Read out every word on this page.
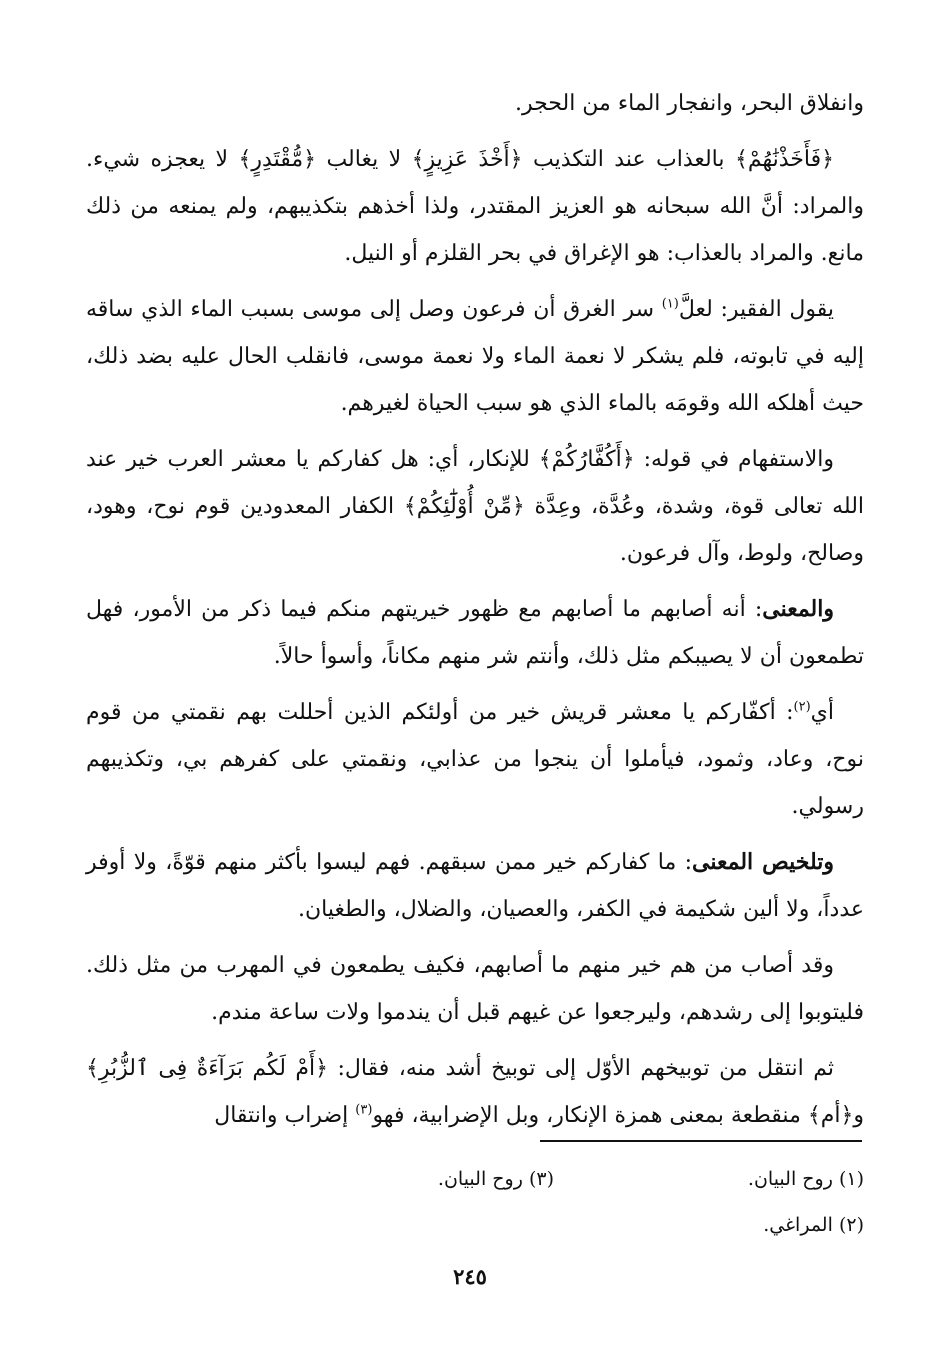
وانفلاق البحر، وانفجار الماء من الحجر.

﴿فَأَخَذْنَٰهُمْ﴾ بالعذاب عند التكذيب ﴿أَخْذَ عَزِيزٍ﴾ لا يغالب ﴿مُّقْتَدِرٍ﴾ لا يعجزه شيء. والمراد: أنَّ الله سبحانه هو العزيز المقتدر، ولذا أخذهم بتكذيبهم، ولم يمنعه من ذلك مانع. والمراد بالعذاب: هو الإغراق في بحر القلزم أو النيل.

يقول الفقير: لعلَّ$^{(١)}$ سر الغرق أن فرعون وصل إلى موسى بسبب الماء الذي ساقه إليه في تابوته، فلم يشكر لا نعمة الماء ولا نعمة موسى، فانقلب الحال عليه بضد ذلك، حيث أهلكه الله وقومَه بالماء الذي هو سبب الحياة لغيرهم.

والاستفهام في قوله: ﴿أَكُفَّارُكُمْ﴾ للإنكار، أي: هل كفاركم يا معشر العرب خير عند الله تعالى قوة، وشدة، وعُدَّة، وعِدَّة ﴿مِّنْ أُوْلَٰٓئِكُمْ﴾ الكفار المعدودين قوم نوح، وهود، وصالح، ولوط، وآل فرعون.

والمعنى: أنه أصابهم ما أصابهم مع ظهور خيريتهم منكم فيما ذكر من الأمور، فهل تطمعون أن لا يصيبكم مثل ذلك، وأنتم شر منهم مكاناً، وأسوأ حالاً.

أي$^{(٢)}$: أكفّاركم يا معشر قريش خير من أولئكم الذين أحللت بهم نقمتي من قوم نوح، وعاد، وثمود، فيأملوا أن ينجوا من عذابي، ونقمتي على كفرهم بي، وتكذيبهم رسولي.

وتلخيص المعنى: ما كفاركم خير ممن سبقهم. فهم ليسوا بأكثر منهم قوّةً، ولا أوفر عدداً، ولا ألين شكيمة في الكفر، والعصيان، والضلال، والطغيان.

وقد أصاب من هم خير منهم ما أصابهم، فكيف يطمعون في المهرب من مثل ذلك. فليتوبوا إلى رشدهم، وليرجعوا عن غيهم قبل أن يندموا ولات ساعة مندم.

ثم انتقل من توبيخهم الأوّل إلى توبيخ أشد منه، فقال: ﴿أَمْ لَكُم بَرَآءَةٌ فِى ٱلزُّبُرِ﴾ و﴿أم﴾ منقطعة بمعنى همزة الإنكار، وبل الإضرابية، فهو$^{(٣)}$ إضراب وانتقال

(١) روح البيان.
(٣) روح البيان.
(٢) المراغي.
٢٤٥
